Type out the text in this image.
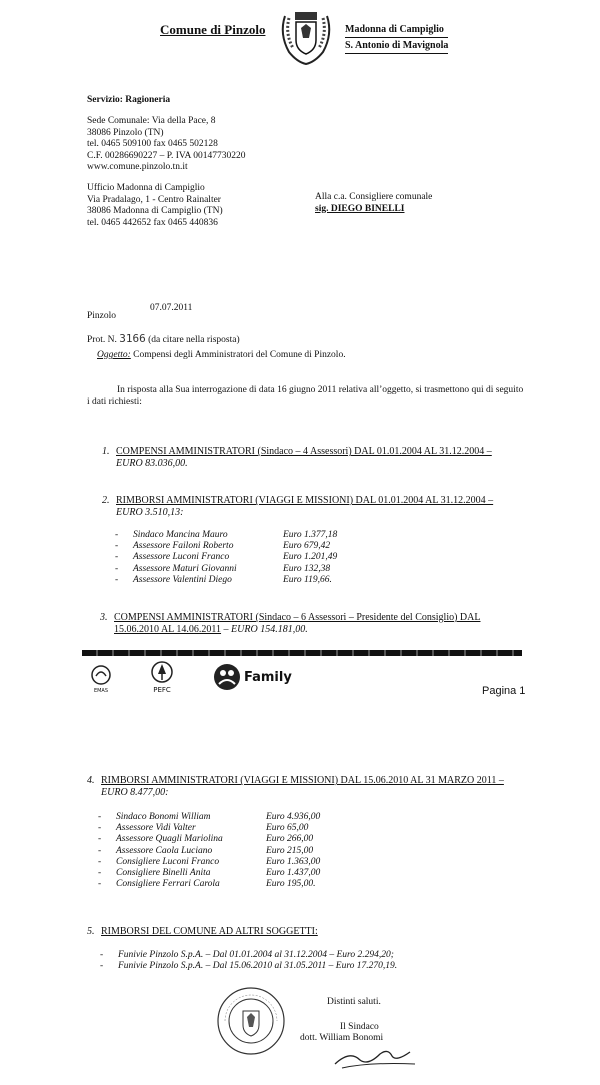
Comune di Pinzolo	Madonna di Campiglio
S. Antonio di Mavignola
Servizio: Ragioneria
Sede Comunale: Via della Pace, 8
38086 Pinzolo (TN)
tel. 0465 509100 fax 0465 502128
C.F. 00286690227 – P. IVA 00147730220
www.comune.pinzolo.tn.it
Ufficio Madonna di Campiglio
Via Pradalago, 1 - Centro Rainalter
38086 Madonna di Campiglio (TN)
tel. 0465 442652 fax 0465 440836
Alla c.a. Consigliere comunale
sig. DIEGO BINELLI
07.07.2011
Pinzolo
Prot. N. 3166 (da citare nella risposta)
Oggetto: Compensi degli Amministratori del Comune di Pinzolo.
In risposta alla Sua interrogazione di data 16 giugno 2011 relativa all’oggetto, si trasmettono qui di seguito i dati richiesti:
1. COMPENSI AMMINISTRATORI (Sindaco – 4 Assessori) DAL 01.01.2004 AL 31.12.2004 –
EURO 83.036,00.
2. RIMBORSI AMMINISTRATORI (VIAGGI E MISSIONI) DAL 01.01.2004 AL 31.12.2004 –
EURO 3.510,13:
-	Sindaco Mancina Mauro	Euro 1.377,18
-	Assessore Failoni Roberto	Euro 679,42
-	Assessore Luconi Franco	Euro 1.201,49
-	Assessore Maturi Giovanni	Euro 132,38
-	Assessore Valentini Diego	Euro 119,66.
3. COMPENSI AMMINISTRATORI (Sindaco – 6 Assessori – Presidente del Consiglio) DAL
15.06.2010 AL 14.06.2011 – EURO 154.181,00.
EMAS	PEFC
Family
Pagina 1
4. RIMBORSI AMMINISTRATORI (VIAGGI E MISSIONI) DAL 15.06.2010 AL 31 MARZO 2011 –
EURO 8.477,00:
-	Sindaco Bonomi William	Euro 4.936,00
-	Assessore Vidi Valter	Euro 65,00
-	Assessore Quagli Mariolina	Euro 266,00
-	Assessore Caola Luciano	Euro 215,00
-	Consigliere Luconi Franco	Euro 1.363,00
-	Consigliere Binelli Anita	Euro 1.437,00
-	Consigliere Ferrari Carola	Euro 195,00.
5. RIMBORSI DEL COMUNE AD ALTRI SOGGETTI:
-	Funivie Pinzolo S.p.A. – Dal 01.01.2004 al 31.12.2004 – Euro 2.294,20;
-	Funivie Pinzolo S.p.A. – Dal 15.06.2010 al 31.05.2011 – Euro 17.270,19.
Distinti saluti.
Il Sindaco
dott. William Bonomi
